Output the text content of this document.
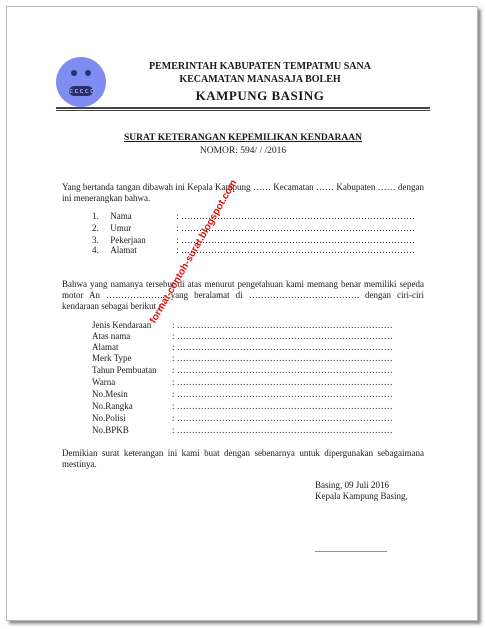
ccccc
PEMERINTAH KABUPATEN TEMPATMU SANA
KECAMATAN MANASAJA BOLEH
KAMPUNG BASING
SURAT KETERANGAN KEPEMILIKAN KENDARAAN
NOMOR: 594/ / /2016
Yang bertanda tangan dibawah ini Kepala Kampung …… Kecamatan …… Kabupaten …… dengan ini menerangkan bahwa.
1. Nama	: ……………………………………………………………………
2. Umur	: ……………………………………………………………………
3. Pekerjaan	: ……………………………………………………………………
4. Alamat	: ……………………………………………………………………
Bahwa yang namanya tersebut di atas menurut pengetahuan kami memang benar memiliki sepeda motor An ……………….. yang beralamat di ………………………………. dengan ciri-ciri kendaraan sebagai berikut :
Jenis Kendaraan : ………………………………………………………………
Atas nama	: ………………………………………………………………
Alamat	: ………………………………………………………………
Merk Type	: ………………………………………………………………
Tahun Pembuatan : ………………………………………………………………
Warna	: ………………………………………………………………
No.Mesin	: ………………………………………………………………
No.Rangka	: ………………………………………………………………
No.Polisi	: ………………………………………………………………
No.BPKB	: ………………………………………………………………
Demikian surat keterangan ini kami buat dengan sebenarnya untuk dipergunakan sebagaimana mestinya.
Basing, 09 Juli 2016
Kepala Kampung Basing,
________________
format-contoh-surat.blogspot.com
